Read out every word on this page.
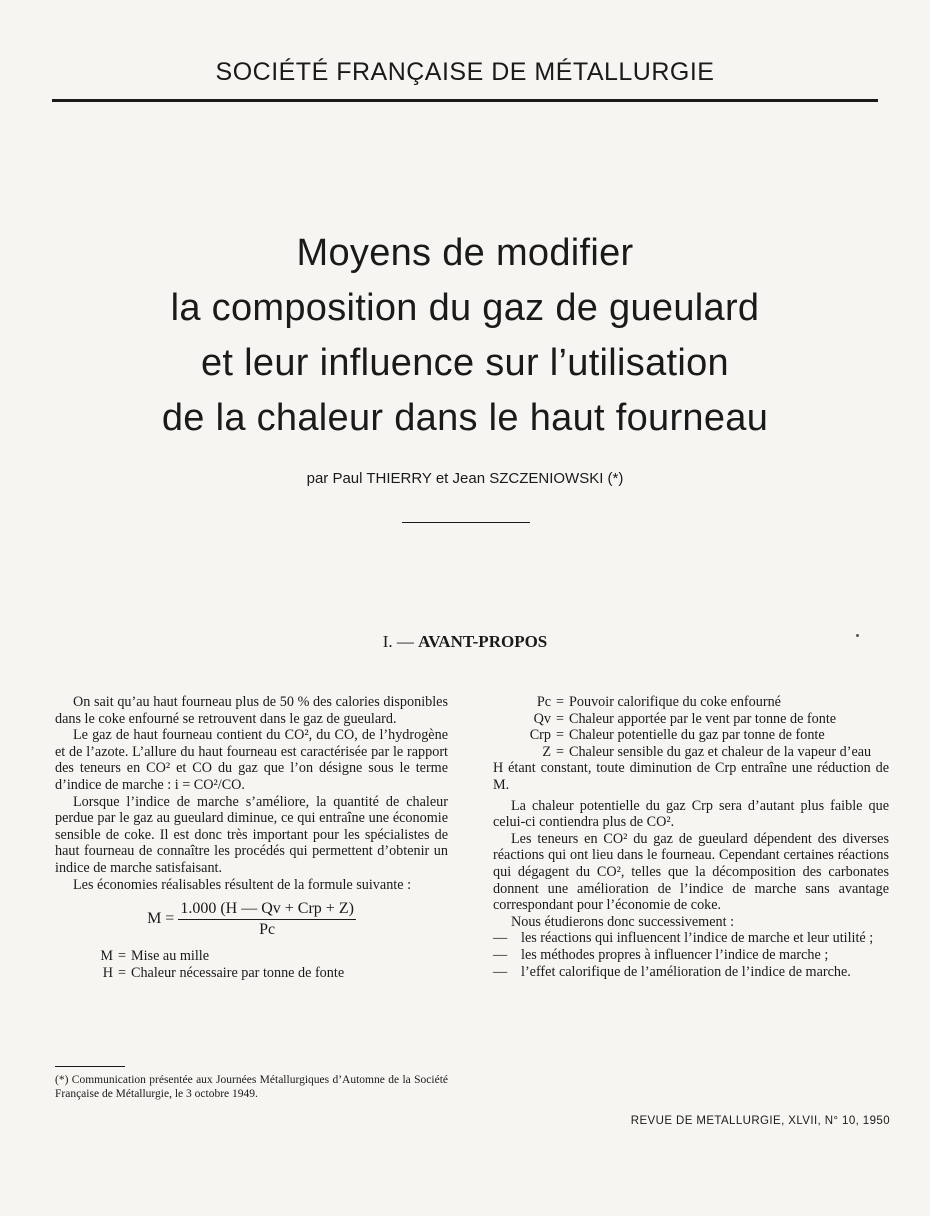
SOCIÉTÉ FRANÇAISE DE MÉTALLURGIE
Moyens de modifier
la composition du gaz de gueulard
et leur influence sur l’utilisation
de la chaleur dans le haut fourneau
par Paul THIERRY et Jean SZCZENIOWSKI (*)
I. — AVANT-PROPOS

On sait qu’au haut fourneau plus de 50 % des calories disponibles dans le coke enfourné se retrouvent dans le gaz de gueulard.

Le gaz de haut fourneau contient du CO², du CO, de l’hydrogène et de l’azote. L’allure du haut fourneau est caractérisée par le rapport des teneurs en CO² et CO du gaz que l’on désigne sous le terme d’indice de marche : i = CO²/CO.

Lorsque l’indice de marche s’améliore, la quantité de chaleur perdue par le gaz au gueulard diminue, ce qui entraîne une économie sensible de coke. Il est donc très important pour les spécialistes de haut fourneau de connaître les procédés qui permettent d’obtenir un indice de marche satisfaisant.

Les économies réalisables résultent de la formule suivante :

$M = \frac{\text{1.000 (H — Qv + Crp + Z)}}{Pc}$
M = Mise au mille
H = Chaleur nécessaire par tonne de fonte
(*) Communication présentée aux Journées Métallurgiques d’Automne de la Société Française de Métallurgie, le 3 octobre 1949.
Pc = Pouvoir calorifique du coke enfourné
Qv = Chaleur apportée par le vent par tonne de fonte
Crp = Chaleur potentielle du gaz par tonne de fonte
Z = Chaleur sensible du gaz et chaleur de la vapeur d’eau
H étant constant, toute diminution de Crp entraîne une réduction de M.

La chaleur potentielle du gaz Crp sera d’autant plus faible que celui-ci contiendra plus de CO².

Les teneurs en CO² du gaz de gueulard dépendent des diverses réactions qui ont lieu dans le fourneau. Cependant certaines réactions qui dégagent du CO², telles que la décomposition des carbonates donnent une amélioration de l’indice de marche sans avantage correspondant pour l’économie de coke.

Nous étudierons donc successivement :

— les réactions qui influencent l’indice de marche et leur utilité ;
— les méthodes propres à influencer l’indice de marche ;
— l’effet calorifique de l’amélioration de l’indice de marche.
REVUE DE METALLURGIE, XLVII, N° 10, 1950
